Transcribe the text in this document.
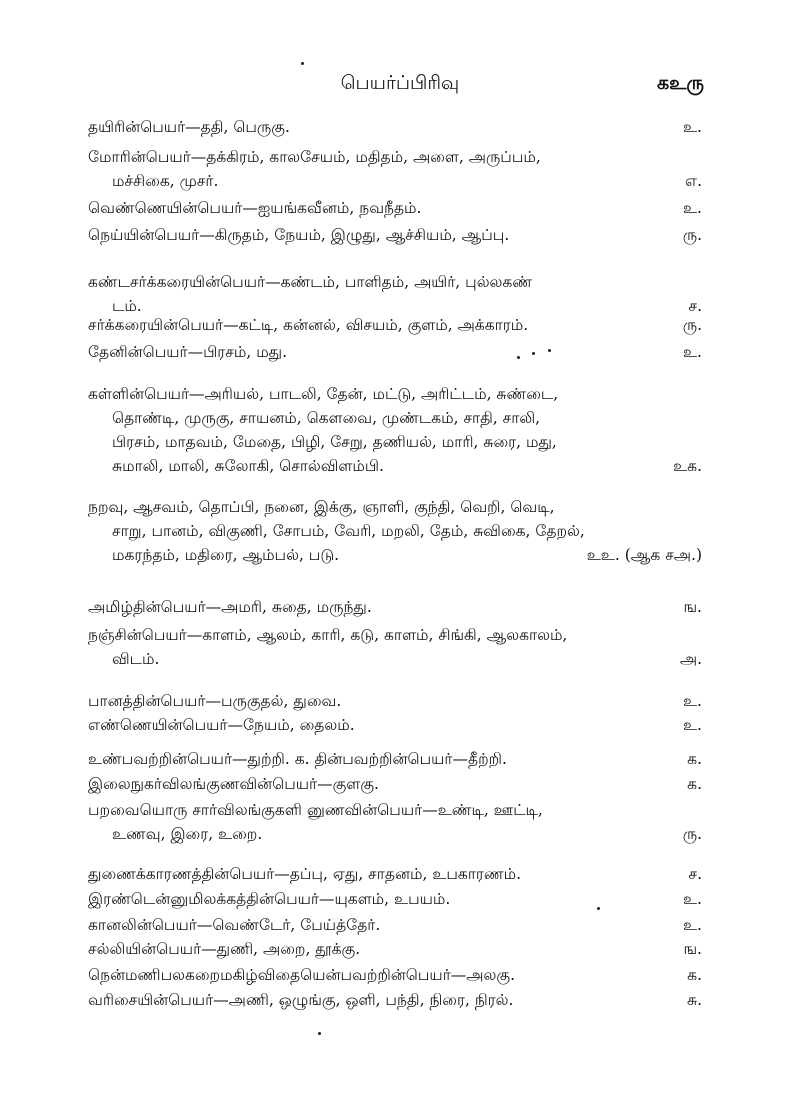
பெயர்ப்பிரிவு	கஉரு
தயிரின்பெயர்—ததி, பெருகு.	உ.
மோரின்பெயர்—தக்கிரம், காலசேயம், மதிதம், அளை, அருப்பம்,
மச்சிகை, முசர்.	எ.
வெண்ணெயின்பெயர்—ஐயங்கவீனம், நவநீதம்.	உ.
நெய்யின்பெயர்—கிருதம், நேயம், இழுது, ஆச்சியம், ஆப்பு.	ரு.
கண்டசர்க்கரையின்பெயர்—கண்டம், பாளிதம், அயிர், புல்லகண்
டம்.	ச.
சர்க்கரையின்பெயர்—கட்டி, கன்னல், விசயம், குளம், அக்காரம்.	ரு.
தேனின்பெயர்—பிரசம், மது.	உ.
கள்ளின்பெயர்—அரியல், பாடலி, தேன், மட்டு, அரிட்டம், சுண்டை,
தொண்டி, முருகு, சாயனம், கௌவை, முண்டகம், சாதி, சாலி,
பிரசம், மாதவம், மேதை, பிழி, சேறு, தணியல், மாரி, சுரை, மது,
சுமாலி, மாலி, சுலோகி, சொல்விளம்பி.	உக.
நறவு, ஆசவம், தொப்பி, நனை, இக்கு, ஞாளி, குந்தி, வெறி, வெடி,
சாறு, பானம், விகுணி, சோபம், வேரி, மறலி, தேம், சுவிகை, தேறல்,
மகரந்தம், மதிரை, ஆம்பல், படு.	உஉ. (ஆக சஅ.)
அமிழ்தின்பெயர்—அமரி, சுதை, மருந்து.	ங.
நஞ்சின்பெயர்—காளம், ஆலம், காரி, கடு, காளம், சிங்கி, ஆலகாலம்,
விடம்.	அ.
பானத்தின்பெயர்—பருகுதல், துவை.	உ.
எண்ணெயின்பெயர்—நேயம், தைலம்.	உ.
உண்பவற்றின்பெயர்—துற்றி. க. தின்பவற்றின்பெயர்—தீற்றி.	க.
இலைநுகர்விலங்குணவின்பெயர்—குளகு.	க.
பறவையொரு சார்விலங்குகளி னுணவின்பெயர்—உண்டி, ஊட்டி,
உணவு, இரை, உறை.	ரு.
துணைக்காரணத்தின்பெயர்—தப்பு, ஏது, சாதனம், உபகாரணம்.	ச.
இரண்டென்னுமிலக்கத்தின்பெயர்—யுகளம், உபயம்.	உ.
கானலின்பெயர்—வெண்டேர், பேய்த்தேர்.	உ.
சல்லியின்பெயர்—துணி, அறை, தூக்கு.	ங.
நென்மணிபலகறைமகிழ்விதையென்பவற்றின்பெயர்—அலகு.	க.
வரிசையின்பெயர்—அணி, ஒழுங்கு, ஒளி, பந்தி, நிரை, நிரல்.	சு.
